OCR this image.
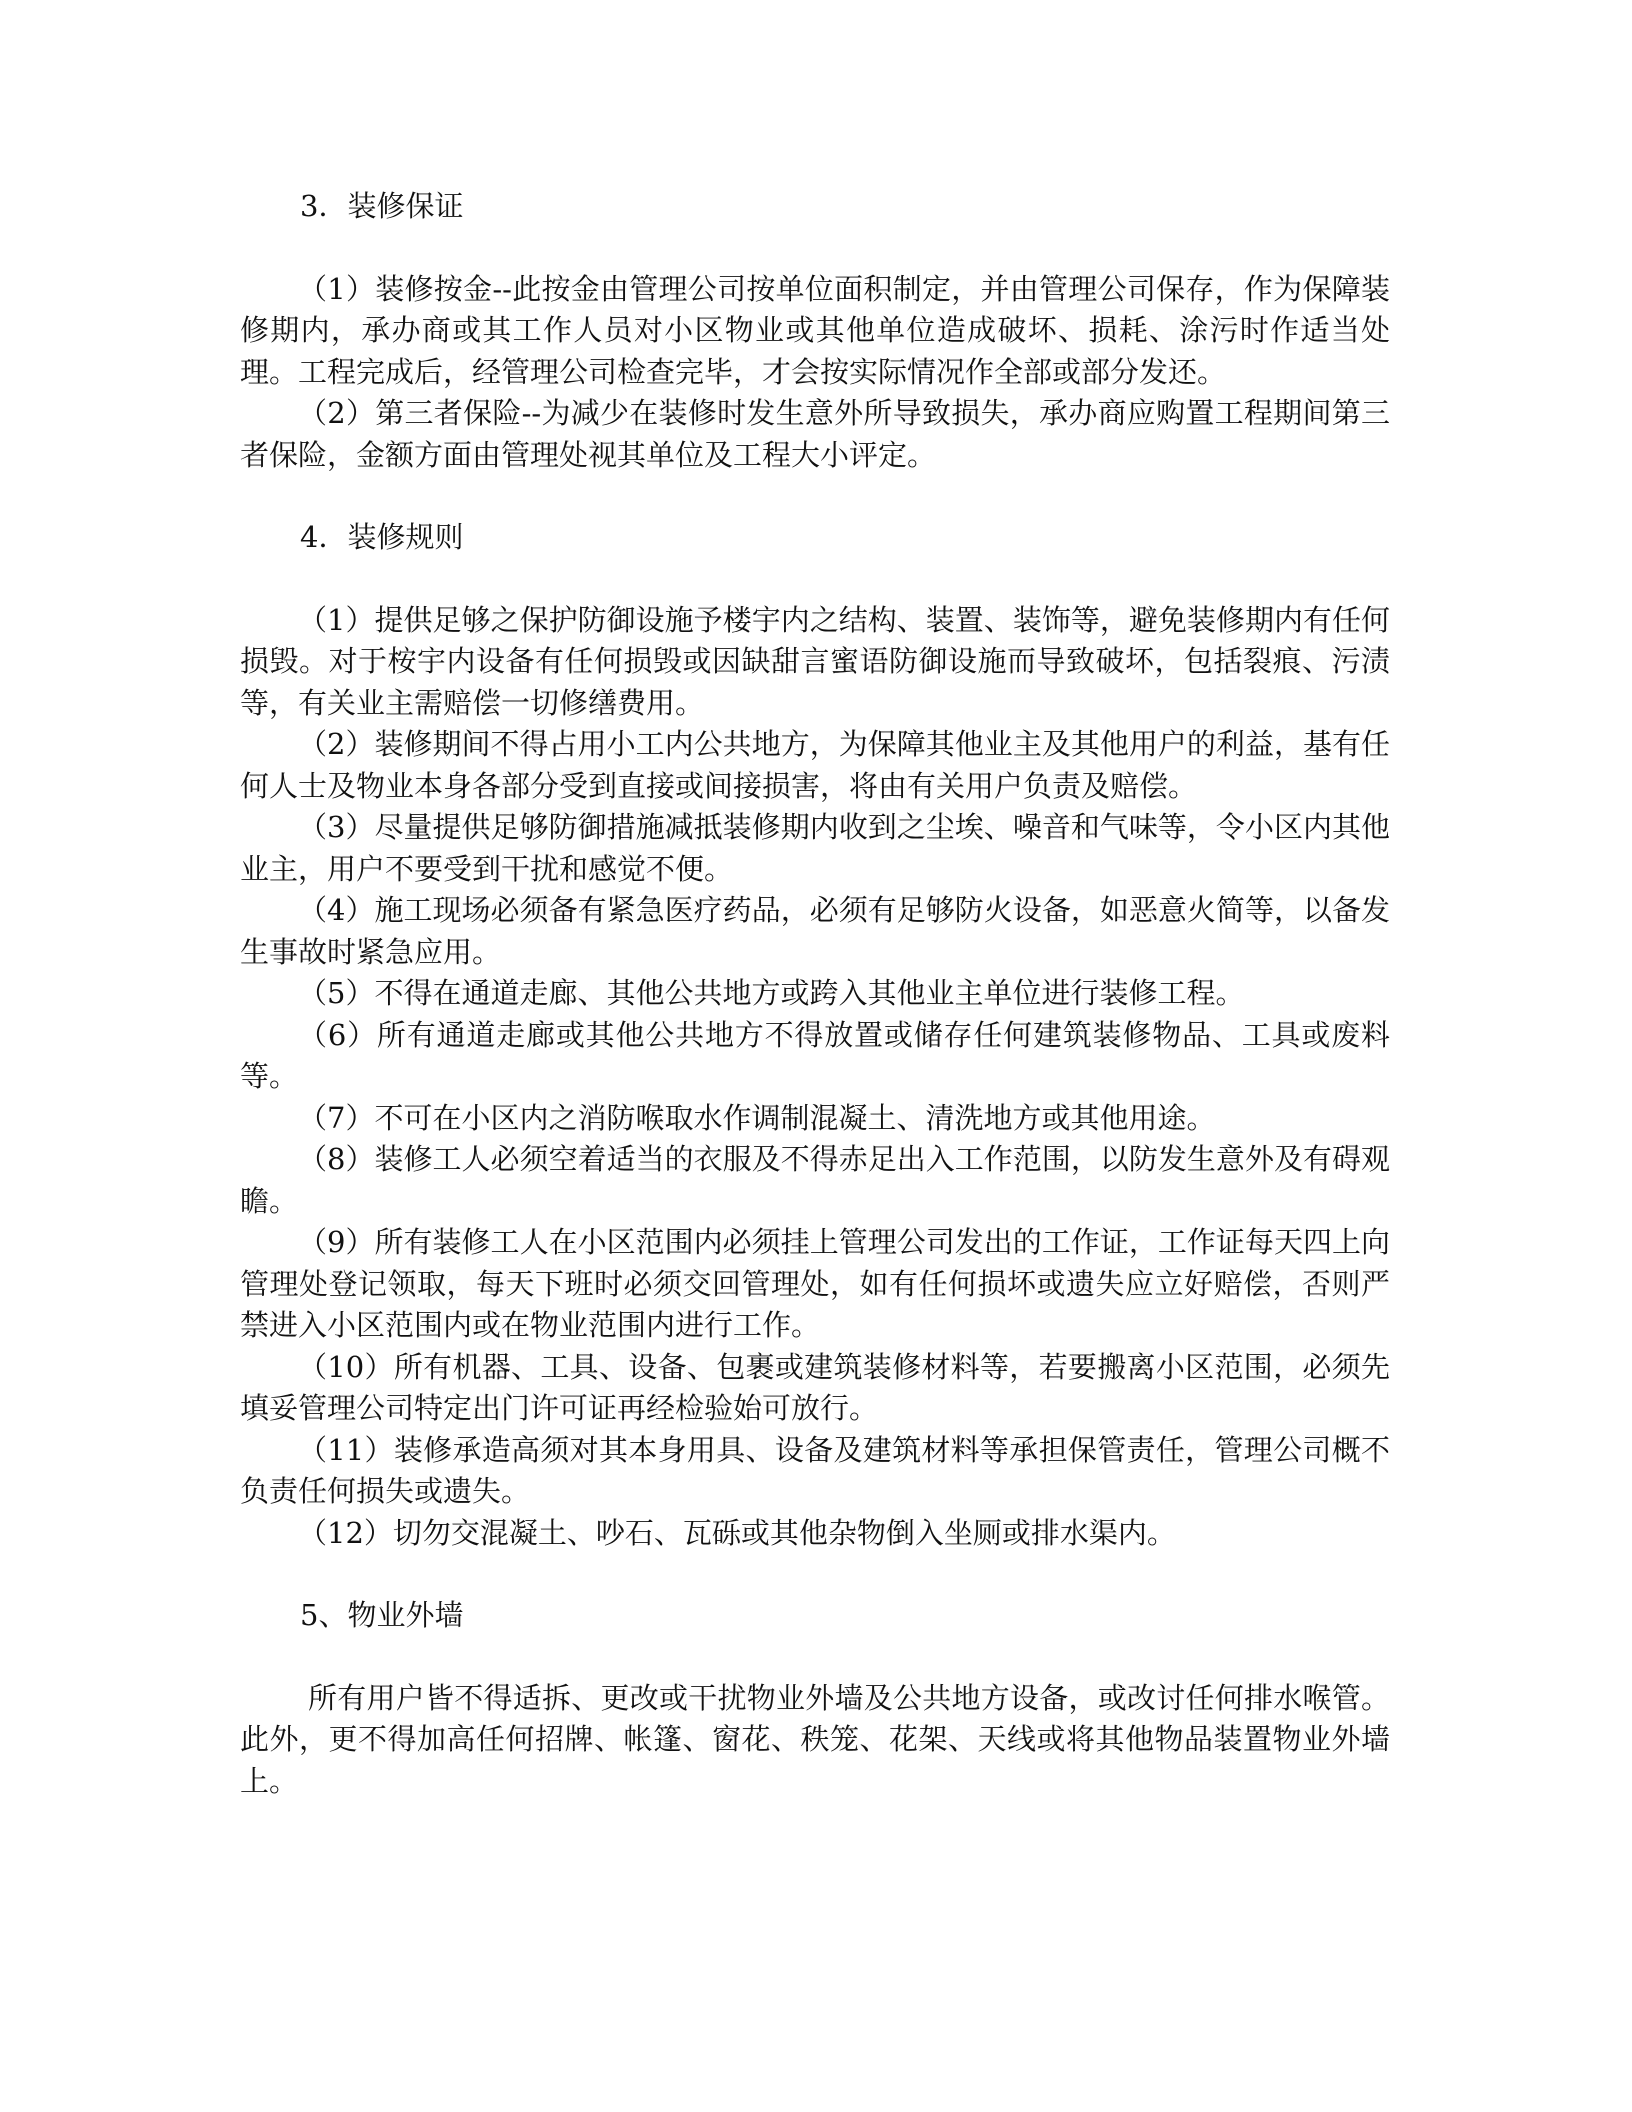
3．装修保证

（1）装修按金--此按金由管理公司按单位面积制定，并由管理公司保存，作为保障装修期内，承办商或其工作人员对小区物业或其他单位造成破坏、损耗、涂污时作适当处理。工程完成后，经管理公司检查完毕，才会按实际情况作全部或部分发还。

（2）第三者保险--为减少在装修时发生意外所导致损失，承办商应购置工程期间第三者保险，金额方面由管理处视其单位及工程大小评定。

4．装修规则

（1）提供足够之保护防御设施予楼宇内之结构、装置、装饰等，避免装修期内有任何损毁。对于桉宇内设备有任何损毁或因缺甜言蜜语防御设施而导致破坏，包括裂痕、污渍等，有关业主需赔偿一切修缮费用。

（2）装修期间不得占用小工内公共地方，为保障其他业主及其他用户的利益，基有任何人士及物业本身各部分受到直接或间接损害，将由有关用户负责及赔偿。

（3）尽量提供足够防御措施减抵装修期内收到之尘埃、噪音和气味等，令小区内其他业主，用户不要受到干扰和感觉不便。

（4）施工现场必须备有紧急医疗药品，必须有足够防火设备，如恶意火简等，以备发生事故时紧急应用。

（5）不得在通道走廊、其他公共地方或跨入其他业主单位进行装修工程。

（6）所有通道走廊或其他公共地方不得放置或储存任何建筑装修物品、工具或废料等。

（7）不可在小区内之消防喉取水作调制混凝土、清洗地方或其他用途。

（8）装修工人必须空着适当的衣服及不得赤足出入工作范围，以防发生意外及有碍观瞻。

（9）所有装修工人在小区范围内必须挂上管理公司发出的工作证，工作证每天四上向管理处登记领取，每天下班时必须交回管理处，如有任何损坏或遗失应立好赔偿，否则严禁进入小区范围内或在物业范围内进行工作。

（10）所有机器、工具、设备、包裹或建筑装修材料等，若要搬离小区范围，必须先填妥管理公司特定出门许可证再经检验始可放行。

（11）装修承造高须对其本身用具、设备及建筑材料等承担保管责任，管理公司概不负责任何损失或遗失。

（12）切勿交混凝土、吵石、瓦砾或其他杂物倒入坐厕或排水渠内。

5、物业外墙

所有用户皆不得适拆、更改或干扰物业外墙及公共地方设备，或改讨任何排水喉管。此外，更不得加高任何招牌、帐篷、窗花、秩笼、花架、天线或将其他物品装置物业外墙上。
